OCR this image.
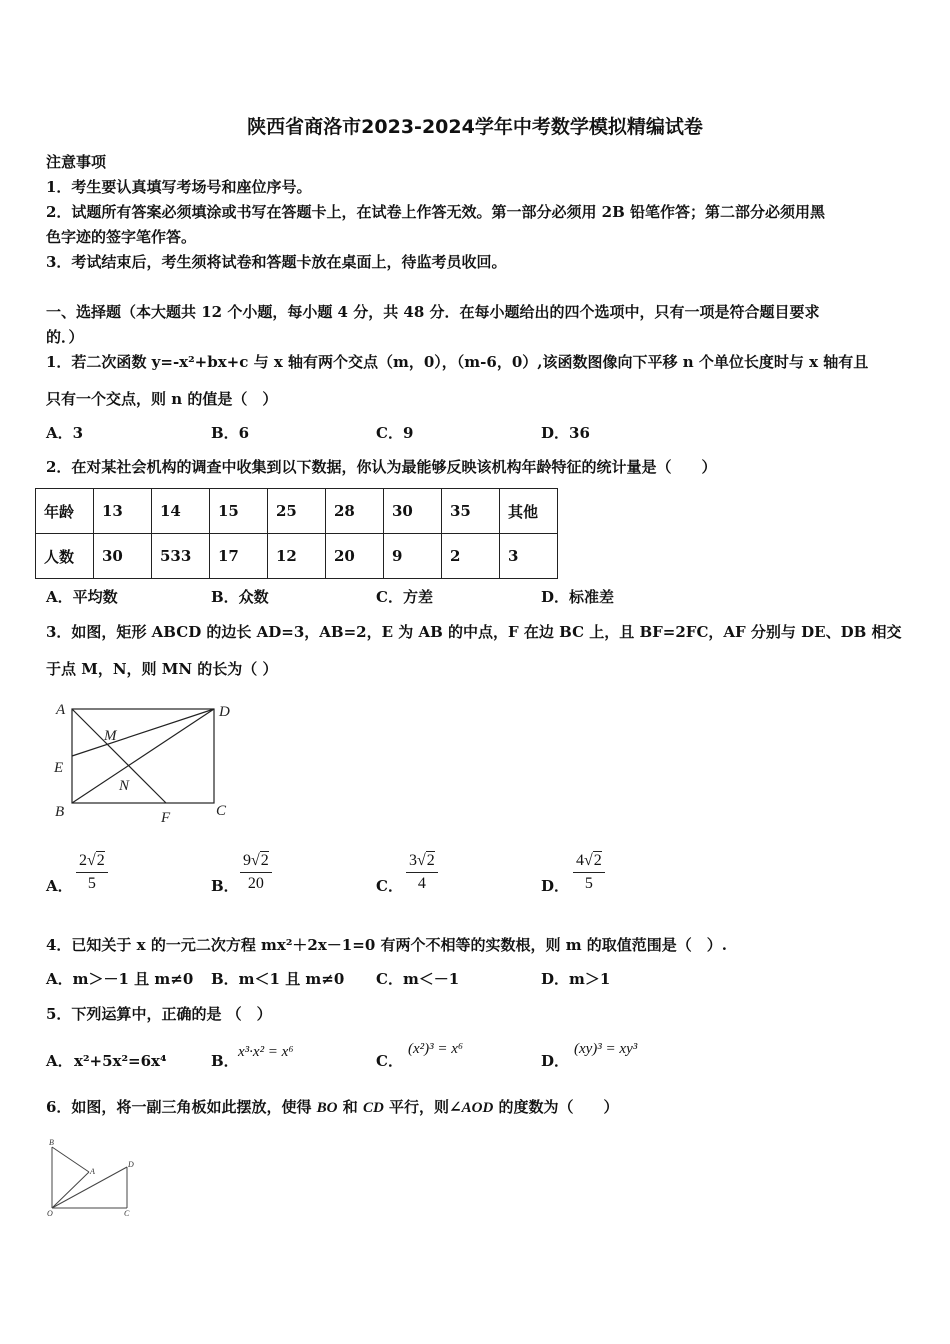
陕西省商洛市2023-2024学年中考数学模拟精编试卷
注意事项
1．考生要认真填写考场号和座位序号。
2．试题所有答案必须填涂或书写在答题卡上，在试卷上作答无效。第一部分必须用 2B 铅笔作答；第二部分必须用黑
色字迹的签字笔作答。
3．考试结束后，考生须将试卷和答题卡放在桌面上，待监考员收回。
一、选择题（本大题共 12 个小题，每小题 4 分，共 48 分．在每小题给出的四个选项中，只有一项是符合题目要求
的．）
1．若二次函数 y=-x²+bx+c 与 x 轴有两个交点（m，0），（m-6，0）,该函数图像向下平移 n 个单位长度时与 x 轴有且
只有一个交点，则 n 的值是（　）
A．3	B．6	C．9	D．36
2．在对某社会机构的调查中收集到以下数据，你认为最能够反映该机构年龄特征的统计量是（　　）
年龄	13	14	15	25	28	30	35	其他
人数	30	533	17	12	20	9	2	3
A．平均数	B．众数	C．方差	D．标准差
3．如图，矩形 ABCD 的边长 AD=3，AB=2，E 为 AB 的中点，F 在边 BC 上，且 BF=2FC，AF 分别与 DE、DB 相交
于点 M，N，则 MN 的长为（ ）
A	D
M
E
N
B	F	C
A． $\frac{2√2}{5}$	B． $\frac{9√2}{20}$	C． $\frac{3√2}{4}$	D． $\frac{4√2}{5}$
4．已知关于 x 的一元二次方程 mx²＋2x－1=0 有两个不相等的实数根，则 m 的取值范围是（　）.
A．m＞－1 且 m≠0 B．m＜1 且 m≠0 C．m＜－1	D．m＞1
5．下列运算中，正确的是 （　）
A． x²+5x²=6x⁴	B． x³·x² = x⁶	C．
(x²)³ = x⁶
D．
(xy)³ = xy³
6．如图，将一副三角板如此摆放，使得 BO 和 CD 平行，则∠AOD 的度数为（　　）
B
A
D
O	C
